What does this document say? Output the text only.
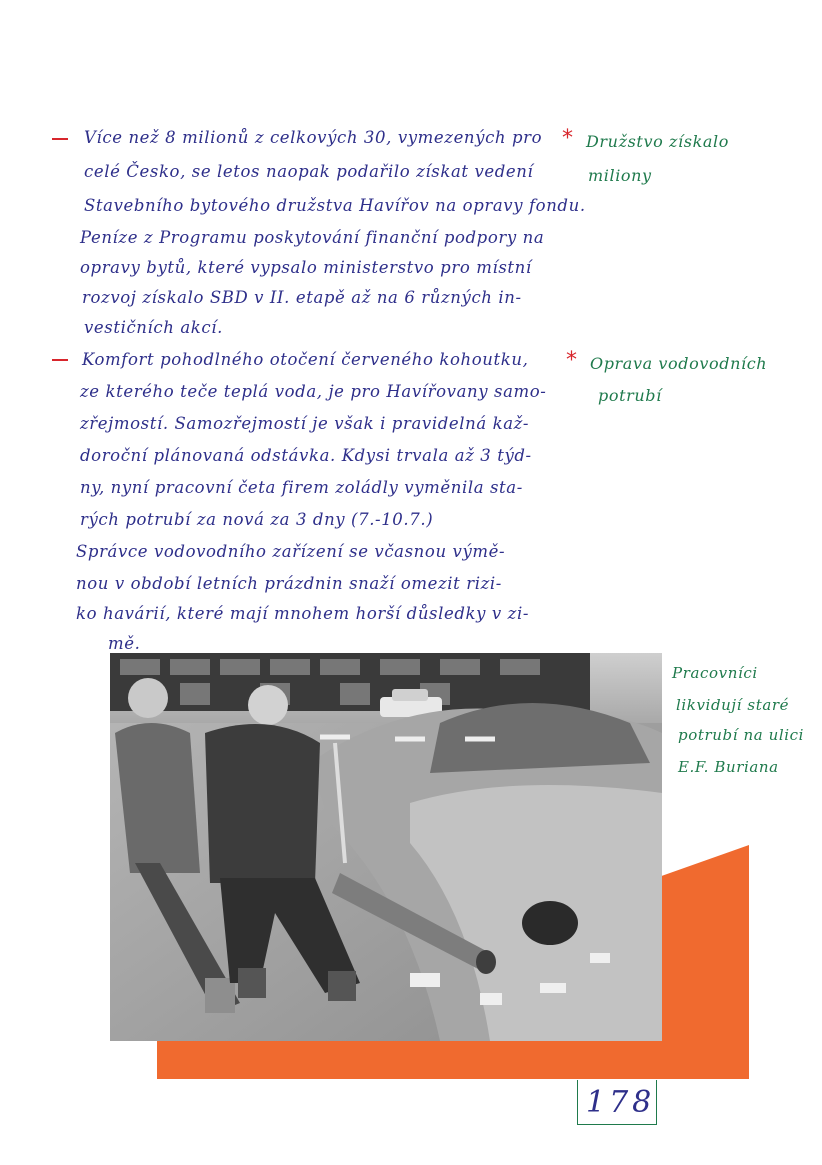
Více než 8 milionů z celkových 30, vymezených pro
celé Česko, se letos naopak podařilo získat vedení
Stavebního bytového družstva Havířov na opravy fondu.
Peníze z Programu poskytování finanční podpory na
opravy bytů, které vypsalo ministerstvo pro místní
rozvoj získalo SBD v II. etapě až na 6 různých in-
vestičních akcí.
* Družstvo získalo
miliony
Komfort pohodlného otočení červeného kohoutku,
ze kterého teče teplá voda, je pro Havířovany samo-
zřejmostí. Samozřejmostí je však i pravidelná kaž-
doroční plánovaná odstávka. Kdysi trvala až 3 týd-
ny, nyní pracovní četa firem zoládly vyměnila sta-
rých potrubí za nová za 3 dny (7.-10.7.)
Správce vodovodního zařízení se včasnou výmě-
nou v období letních prázdnin snaží omezit rizi-
ko havárií, které mají mnohem horší důsledky v zi-
mě.
* Oprava vodovodních
potrubí
Pracovníci
likvidují staré
potrubí na ulici
E.F. Buriana
178
